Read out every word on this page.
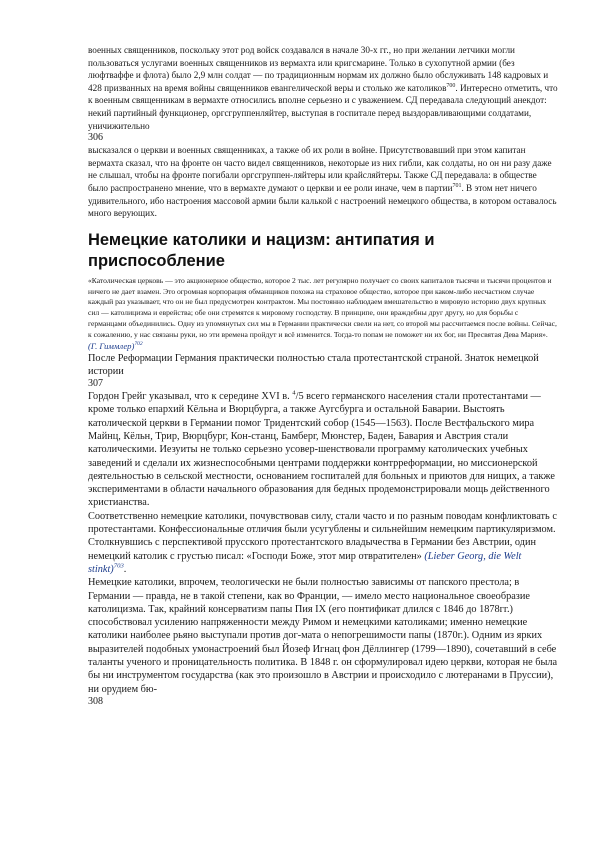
военных священников, поскольку этот род войск создавался в начале 30-х гг., но при желании летчики могли пользоваться услугами военных священников из вермахта или кригсмарине. Только в сухопутной армии (без люфтваффе и флота) было 2,9 млн солдат — по традиционным нормам их должно было обслуживать 148 кадровых и 428 призванных на время войны священников евангелической веры и столько же католиков$^{700}$. Интересно отметить, что к военным священникам в вермахте относились вполне серьезно и с уважением. СД передавала следующий анекдот: некий партийный функционер, оргсгруппенляйтер, выступая в госпитале перед выздоравливающими солдатами, уничижительно

306

высказался о церкви и военных священниках, а также об их роли в войне. Присутствовавший при этом капитан вермахта сказал, что на фронте он часто видел священников, некоторые из них гибли, как солдаты, но он ни разу даже не слышал, чтобы на фронте погибали оргсгруппен-ляйтеры или крайсляйтеры. Также СД передавала: в обществе было распространено мнение, что в вермахте думают о церкви и ее роли иначе, чем в партии$^{701}$. В этом нет ничего удивительного, ибо настроения массовой армии были калькой с настроений немецкого общества, в котором оставалось много верующих.

Немецкие католики и нацизм: антипатия и приспособление

«Католическая церковь — это акционерное общество, которое 2 тыс. лет регулярно получает со своих капиталов тысячи и тысячи процентов и ничего не дает взамен. Это огромная корпорация обманщиков похожа на страховое общество, которое при каком-либо несчастном случае каждый раз указывает, что он не был предусмотрен контрактом. Мы постоянно наблюдаем вмешательство в мировую историю двух крупных сил — католицизма и еврейства; обе они стремятся к мировому господству. В принципе, они враждебны друг другу, но для борьбы с германцами объединились. Одну из упомянутых сил мы в Германии практически свели на нет, со второй мы рассчитаемся после войны. Сейчас, к сожалению, у нас связаны руки, но эти времена пройдут и всё изменится. Тогда-то попам не поможет ни их бог, ни Пресвятая Дева Мария».

(Г. Гиммлер)$^{702}$

После Реформации Германия практически полностью стала протестантской страной. Знаток немецкой истории

307

Гордон Грейг указывал, что к середине XVI в. $^4$/5 всего германского населения стали протестантами — кроме только епархий Кёльна и Вюрцбурга, а также Аугсбурга и остальной Баварии. Выстоять католической церкви в Германии помог Тридентский собор (1545—1563). После Вестфальского мира Майнц, Кёльн, Трир, Вюрцбург, Кон-станц, Бамберг, Мюнстер, Баден, Бавария и Австрия стали католическими. Иезуиты не только серьезно усовер-шенствовали программу католических учебных заведений и сделали их жизнеспособными центрами поддержки контрреформации, но миссионерской деятельностью в сельской местности, основанием госпиталей для больных и приютов для нищих, а также экспериментами в области начального образования для бедных продемонстрировали мощь действенного христианства.

Соответственно немецкие католики, почувствовав силу, стали часто и по разным поводам конфликтовать с протестантами. Конфессиональные отличия были усугублены и сильнейшим немецким партикуляризмом. Столкнувшись с перспективой прусского протестантского владычества в Германии без Австрии, один немецкий католик с грустью писал: «Господи Боже, этот мир отвратителен» (Lieber Georg, die Welt stinkt)$^{703}$.

Немецкие католики, впрочем, теологически не были полностью зависимы от папского престола; в Германии — правда, не в такой степени, как во Франции, — имело место национальное своеобразие католицизма. Так, крайний консерватизм папы Пия IX (его понтификат длился с 1846 до 1878гг.) способствовал усилению напряженности между Римом и немецкими католиками; именно немецкие католики наиболее рьяно выступали против дог-мата о непогрешимости папы (1870г.). Одним из ярких выразителей подобных умонастроений был Йозеф Игнац фон Дёллингер (1799—1890), сочетавший в себе таланты ученого и проницательность политика. В 1848 г. он сформулировал идею церкви, которая не была бы ни инструментом государства (как это произошло в Австрии и происходило с лютеранами в Пруссии), ни орудием бю-

308
